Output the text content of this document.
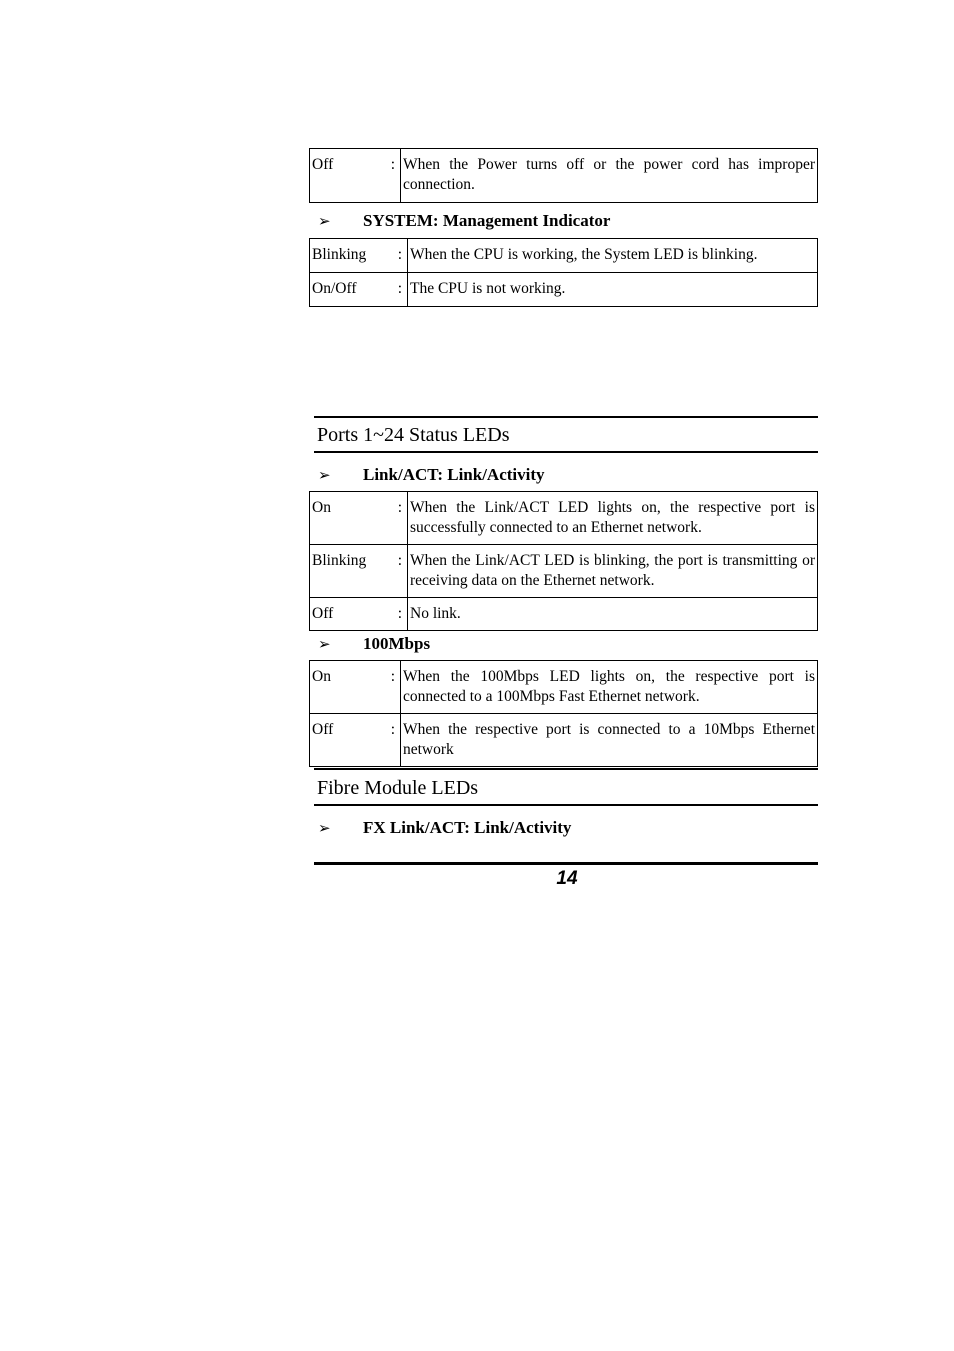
Off	:	When the Power turns off or the power cord has improper connection.
➢ SYSTEM: Management Indicator
Blinking :	When the CPU is working, the System LED is blinking.
On/Off :	The CPU is not working.
Ports 1~24 Status LEDs
➢ Link/ACT: Link/Activity
On :	When the Link/ACT LED lights on, the respective port is successfully connected to an Ethernet network.
Blinking :	When the Link/ACT LED is blinking, the port is transmitting or receiving data on the Ethernet network.
Off :	No link.
➢ 100Mbps
On :	When the 100Mbps LED lights on, the respective port is connected to a 100Mbps Fast Ethernet network.
Off :	When the respective port is connected to a 10Mbps Ethernet network
Fibre Module LEDs
➢ FX Link/ACT: Link/Activity
14
